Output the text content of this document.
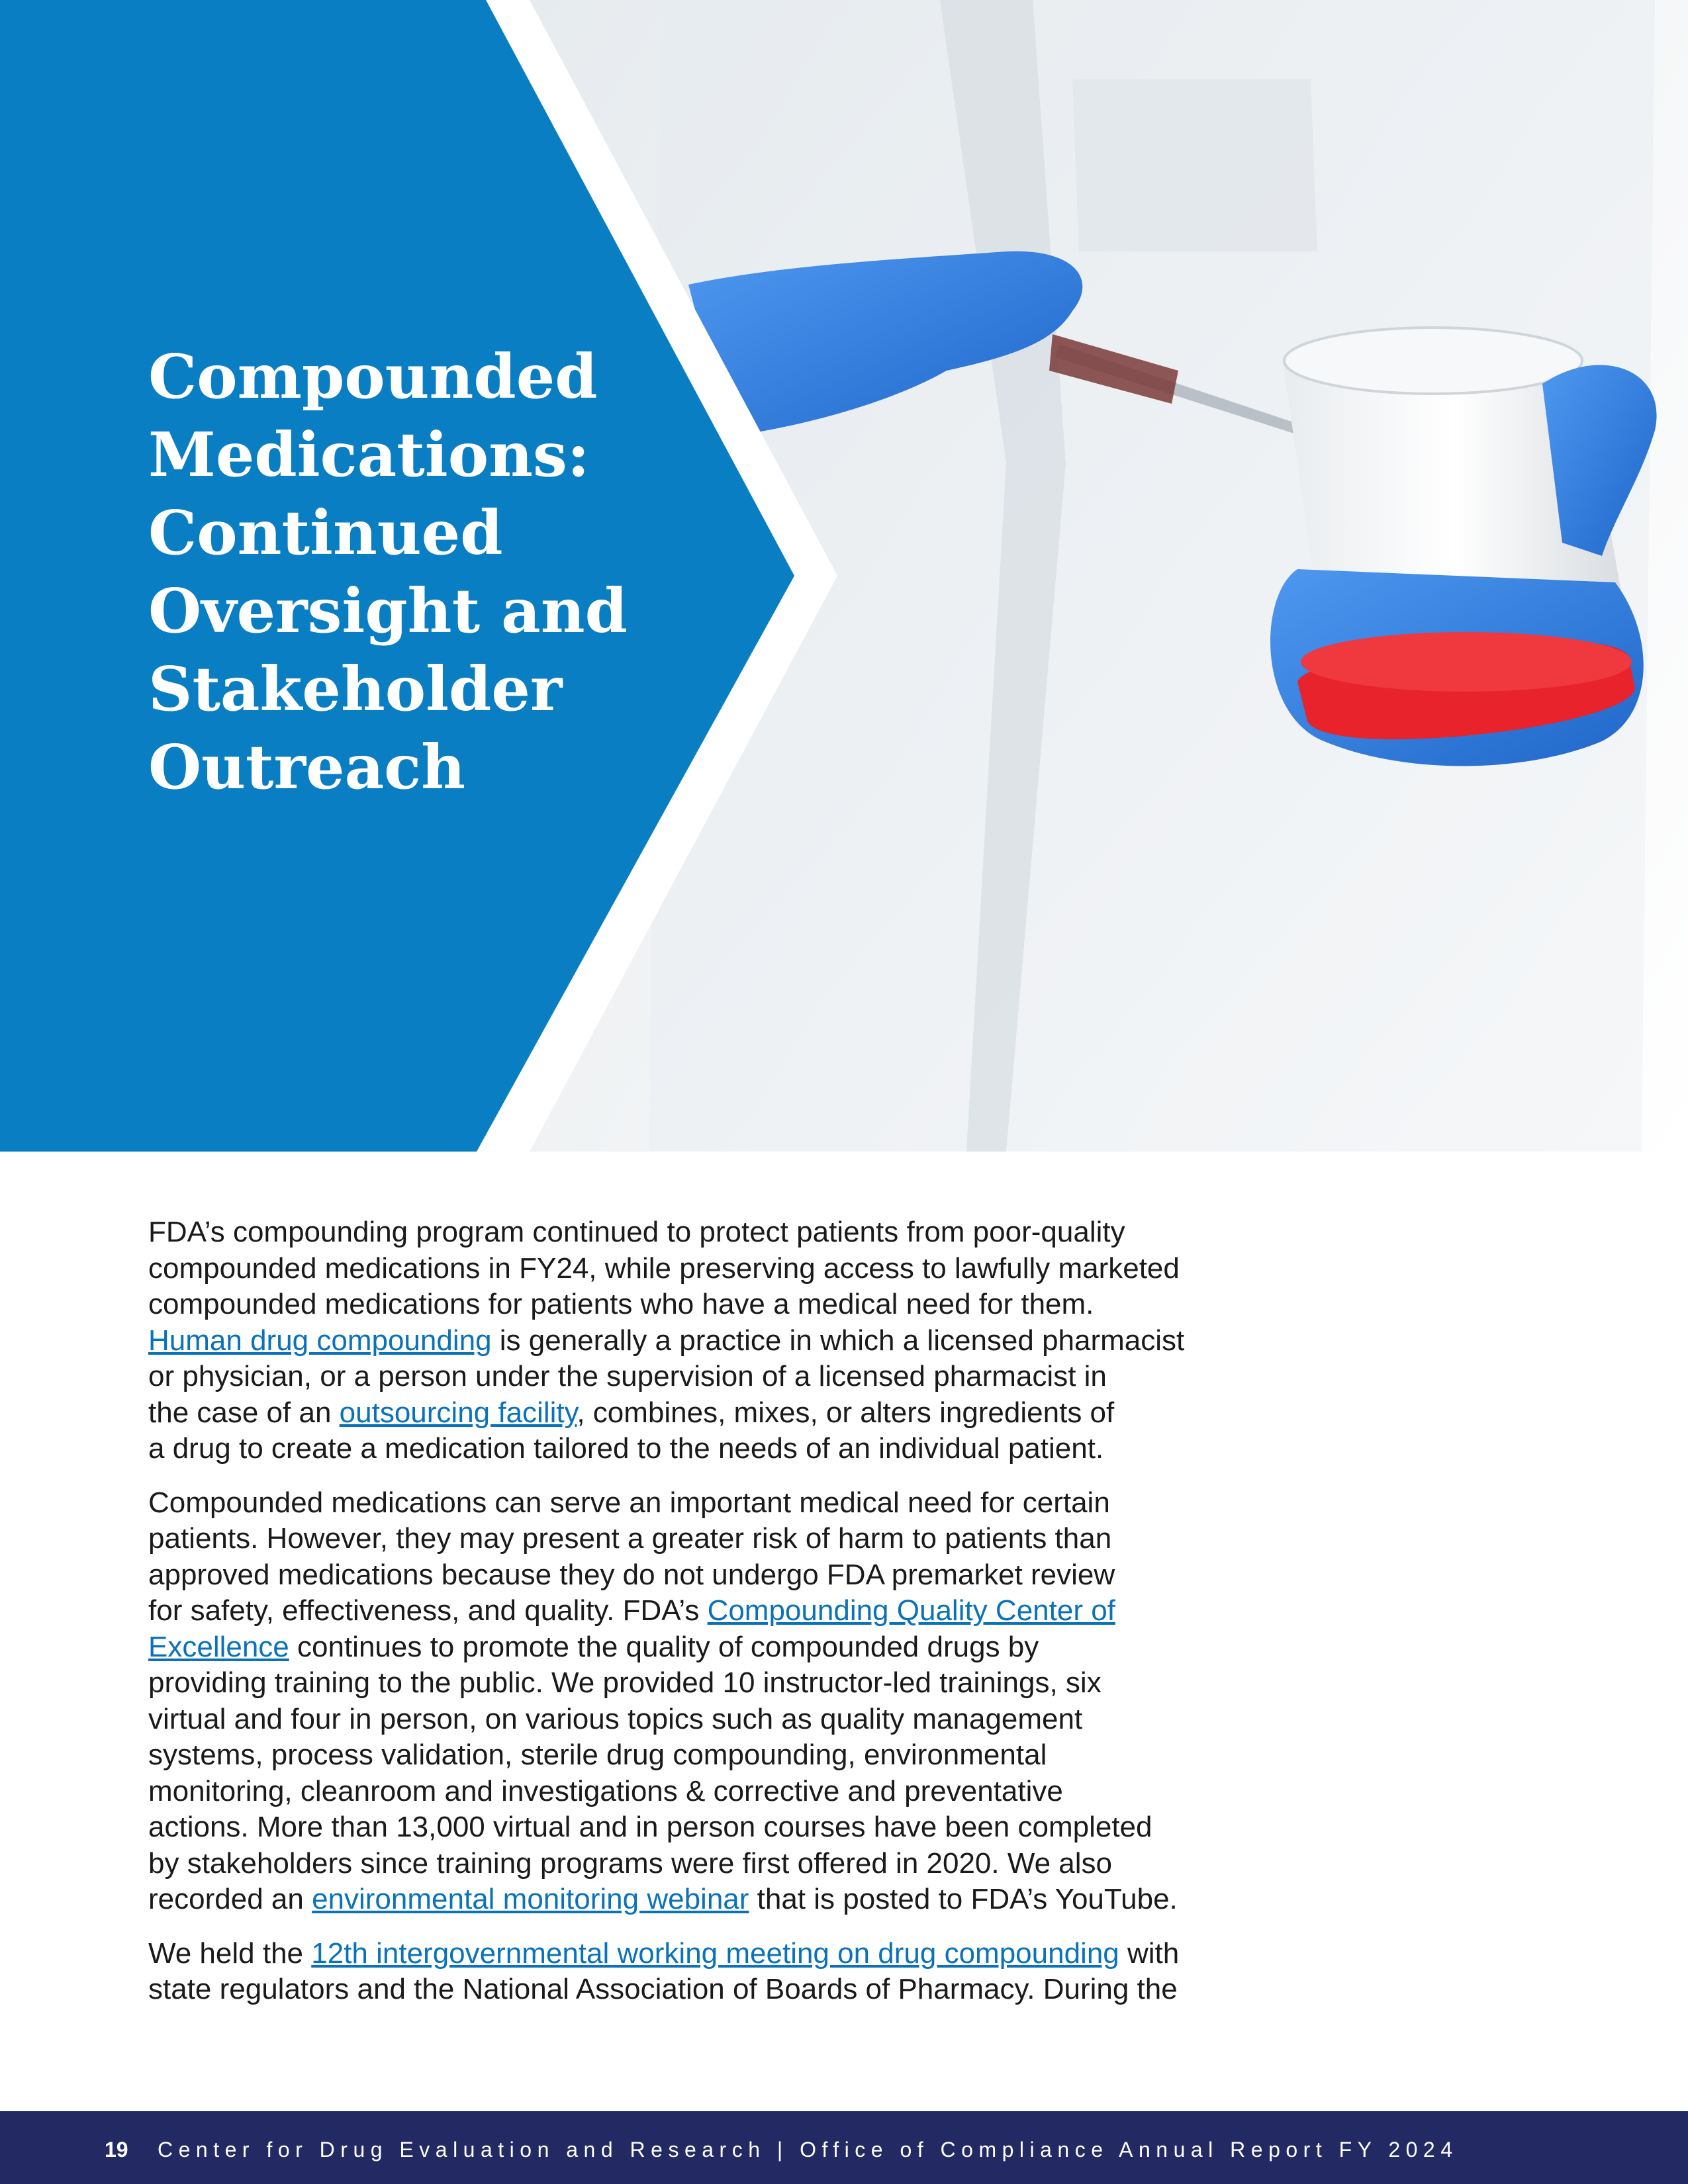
Compounded
Medications:
Continued
Oversight and
Stakeholder
Outreach

FDA’s compounding program continued to protect patients from poor-quality
compounded medications in FY24, while preserving access to lawfully marketed
compounded medications for patients who have a medical need for them.
Human drug compounding is generally a practice in which a licensed pharmacist
or physician, or a person under the supervision of a licensed pharmacist in
the case of an outsourcing facility, combines, mixes, or alters ingredients of
a drug to create a medication tailored to the needs of an individual patient.

Compounded medications can serve an important medical need for certain
patients. However, they may present a greater risk of harm to patients than
approved medications because they do not undergo FDA premarket review
for safety, effectiveness, and quality. FDA’s Compounding Quality Center of
Excellence continues to promote the quality of compounded drugs by
providing training to the public. We provided 10 instructor-led trainings, six
virtual and four in person, on various topics such as quality management
systems, process validation, sterile drug compounding, environmental
monitoring, cleanroom and investigations & corrective and preventative
actions. More than 13,000 virtual and in person courses have been completed
by stakeholders since training programs were first offered in 2020. We also
recorded an environmental monitoring webinar that is posted to FDA’s YouTube.

We held the 12th intergovernmental working meeting on drug compounding with
state regulators and the National Association of Boards of Pharmacy. During the

19 Center for Drug Evaluation and Research | Office of Compliance Annual Report FY 2024
